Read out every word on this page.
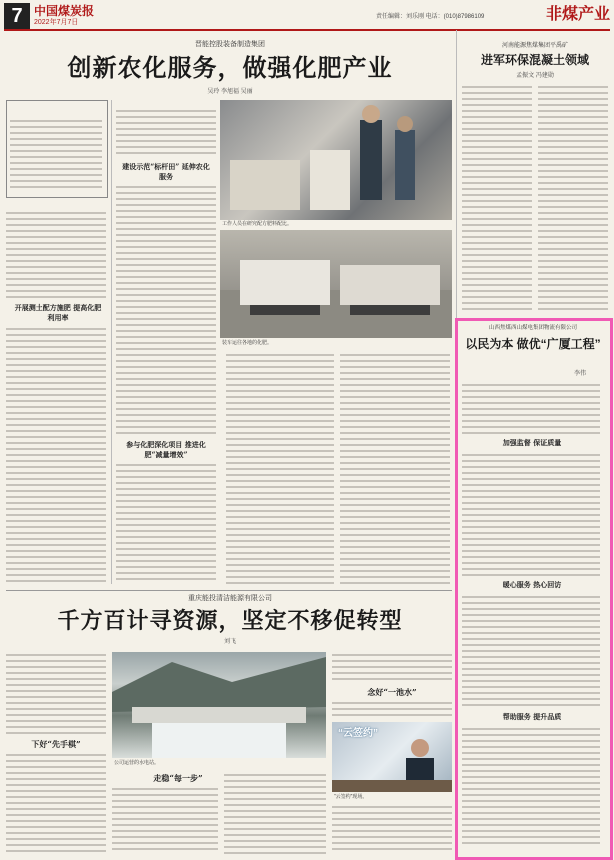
7 中国煤炭报
2022年7月7日
责任编辑：刘乐刚 电话：(010)87986109	非煤产业
晋能控股装备制造集团
创新农化服务，做强化肥产业
吴玲 李旭福 吴丽
开展测土配方施肥 提高化肥利用率
建设示范“标杆田” 延伸农化服务
参与化肥深化项目 推进化肥“减量增效”
工作人员在研究配方肥料配比。
装车运往各地的化肥。
河南能源焦煤集团平禹矿
进军环保混凝土领域
孟振文 冯建勋
山西焦煤西山煤电集团物流有限公司
以民为本 做优“广厦工程”
李伟
加强监督 保证质量
暖心服务 热心回访
帮助服务 提升品质
重庆能投清洁能源有限公司
千方百计寻资源，坚定不移促转型
刘飞
下好“先手棋”
公司运营的水电站。
走稳“每一步”
念好“一池水”
“云签约”
“云签约”现场。
